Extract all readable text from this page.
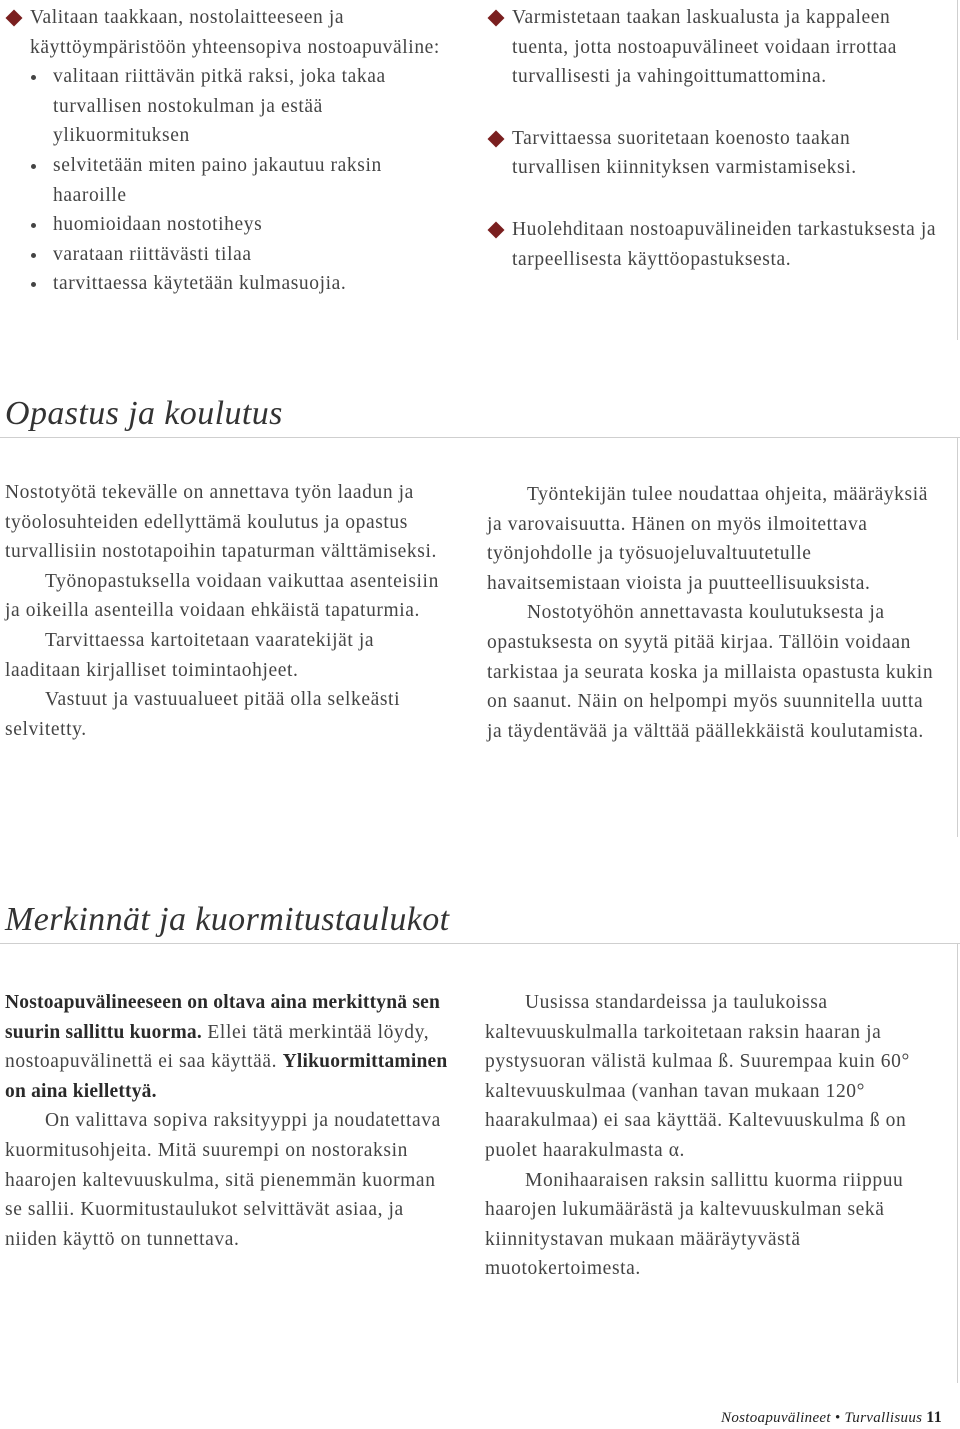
Valitaan taakkaan, nostolaitteeseen ja käyttöympäristöön yhteensopiva nostoapuväline:

valitaan riittävän pitkä raksi, joka takaa turvallisen nostokulman ja estää ylikuormituksen

selvitetään miten paino jakautuu raksin haaroille

huomioidaan nostotiheys

varataan riittävästi tilaa

tarvittaessa käytetään kulmasuojia.

Varmistetaan taakan laskualusta ja kappaleen tuenta, jotta nostoapuvälineet voidaan irrottaa turvallisesti ja vahingoittumattomina.

Tarvittaessa suoritetaan koenosto taakan turvallisen kiinnityksen varmistamiseksi.

Huolehditaan nostoapuvälineiden tarkastuksesta ja tarpeellisesta käyttöopastuksesta.

Opastus ja koulutus

Nostotyötä tekevälle on annettava työn laadun ja työolosuhteiden edellyttämä koulutus ja opastus turvallisiin nostotapoihin tapaturman välttämiseksi.

Työnopastuksella voidaan vaikuttaa asenteisiin ja oikeilla asenteilla voidaan ehkäistä tapaturmia.

Tarvittaessa kartoitetaan vaaratekijät ja laaditaan kirjalliset toimintaohjeet.

Vastuut ja vastuualueet pitää olla selkeästi selvitetty.

Työntekijän tulee noudattaa ohjeita, määräyksiä ja varovaisuutta. Hänen on myös ilmoitettava työnjohdolle ja työsuojeluvaltuutetulle havaitsemistaan vioista ja puutteellisuuksista.

Nostotyöhön annettavasta koulutuksesta ja opastuksesta on syytä pitää kirjaa. Tällöin voidaan tarkistaa ja seurata koska ja millaista opastusta kukin on saanut. Näin on helpompi myös suunnitella uutta ja täydentävää ja välttää päällekkäistä koulutamista.

Merkinnät ja kuormitustaulukot

Nostoapuvälineeseen on oltava aina merkittynä sen suurin sallittu kuorma. Ellei tätä merkintää löydy, nostoapuvälinettä ei saa käyttää. Ylikuormittaminen on aina kiellettyä.

On valittava sopiva raksityyppi ja noudatettava kuormitusohjeita. Mitä suurempi on nostoraksin haarojen kaltevuuskulma, sitä pienemmän kuorman se sallii. Kuormitustaulukot selvittävät asiaa, ja niiden käyttö on tunnettava.

Uusissa standardeissa ja taulukoissa kaltevuuskulmalla tarkoitetaan raksin haaran ja pystysuoran välistä kulmaa ß. Suurempaa kuin 60° kaltevuuskulmaa (vanhan tavan mukaan 120° haarakulmaa) ei saa käyttää. Kaltevuuskulma ß on puolet haarakulmasta α.

Monihaaraisen raksin sallittu kuorma riippuu haarojen lukumäärästä ja kaltevuuskulman sekä kiinnitystavan mukaan määräytyvästä muotokertoimesta.

Nostoapuvälineet • Turvallisuus 11
